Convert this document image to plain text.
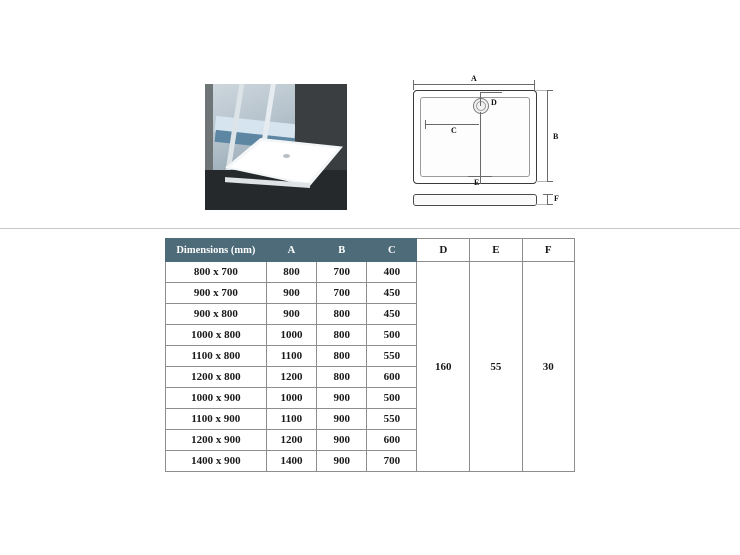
A
C
D
E
B
F
Dimensions (mm)	A	B	C	D	E	F
800 x 700	800	700	400	160	55	30
900 x 700	900	700	450			
900 x 800	900	800	450			
1000 x 800	1000	800	500			
1100 x 800	1100	800	550			
1200 x 800	1200	800	600			
1000 x 900	1000	900	500			
1100 x 900	1100	900	550			
1200 x 900	1200	900	600			
1400 x 900	1400	900	700			
